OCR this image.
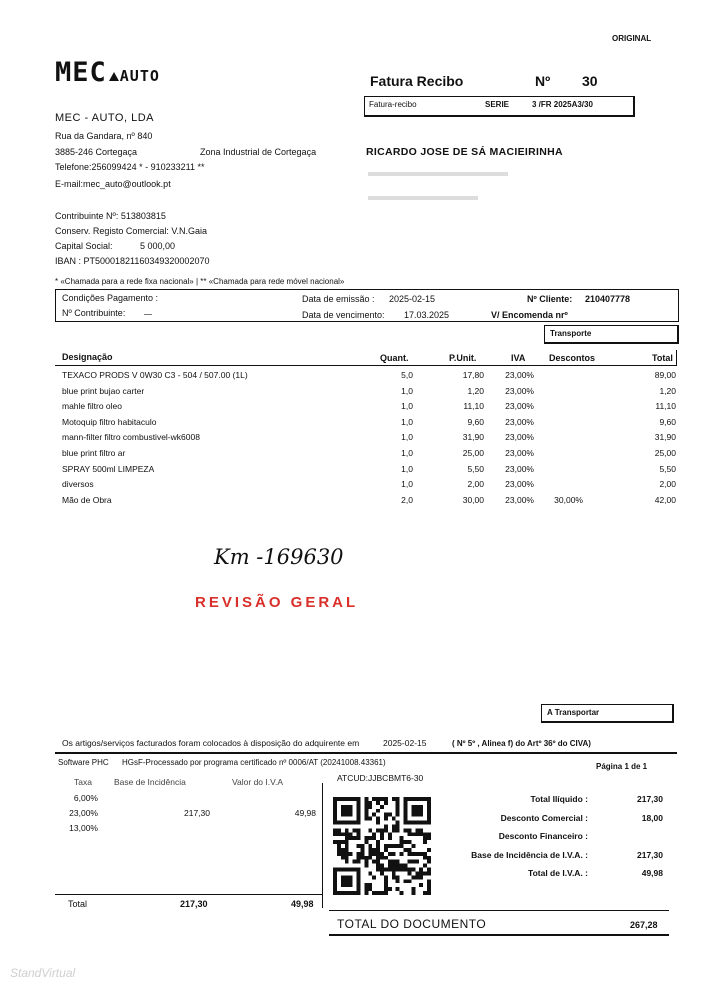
ORIGINAL
MEC AUTO	Fatura Recibo	Nº 30
Fatura-recibo	SERIE	3 /FR 2025A3/30
MEC - AUTO, LDA
Rua da Gandara, nº 840
3885-246 Cortegaça	Zona Industrial de Cortegaça
Telefone:256099424 * - 910233211 **
E-mail:mec_auto@outlook.pt
RICARDO JOSE DE SÁ MACIEIRINHA
Contribuinte Nº: 513803815
Conserv. Registo Comercial: V.N.Gaia
Capital Social:	5 000,00
IBAN : PT50001821160349320002070
* «Chamada para a rede fixa nacional» | ** «Chamada para rede móvel nacional»
Condições Pagamento :
Nº Contribuinte:
Data de emissão : 2025-02-15
Data de vencimento: 17.03.2025
Nº Cliente: 210407778
V/ Encomenda nrº
Transporte
Designação	Quant.	P.Unit.	IVA	Descontos	Total
TEXACO PRODS V 0W30 C3 - 504 / 507.00 (1L)	5,0	17,80 23,00%	89,00
blue print bujao carter	1,0	1,20 23,00%	1,20
mahle filtro oleo	1,0	11,10 23,00%	11,10
Motoquip filtro habitaculo	1,0	9,60 23,00%	9,60
mann-filter filtro combustivel-wk6008	1,0	31,90 23,00%	31,90
blue print filtro ar	1,0	25,00 23,00%	25,00
SPRAY 500ml LIMPEZA	1,0	5,50 23,00%	5,50
diversos	1,0	2,00 23,00%	2,00
Mão de Obra	2,0	30,00 23,00% 30,00%	42,00
Km -169630
REVISÃO GERAL
A Transportar
Os artigos/serviços facturados foram colocados à disposição do adquirente em	2025-02-15	( Nº 5º , Alinea f) do Artº 36º do CIVA)
Software PHC HGsF-Processado por programa certificado nº 0006/AT (20241008.43361)	Página 1 de 1
ATCUD:JJBCBMT6-30
Taxa	Base de Incidência	Valor do I.V.A
6,00%
23,00%	217,30	49,98
13,00%
Total	217,30	49,98
Total Ilíquido :	217,30
Desconto Comercial :	18,00
Desconto Financeiro :
Base de Incidência de I.V.A. :	217,30
Total de I.V.A. :	49,98
TOTAL DO DOCUMENTO	267,28
StandVirtual
